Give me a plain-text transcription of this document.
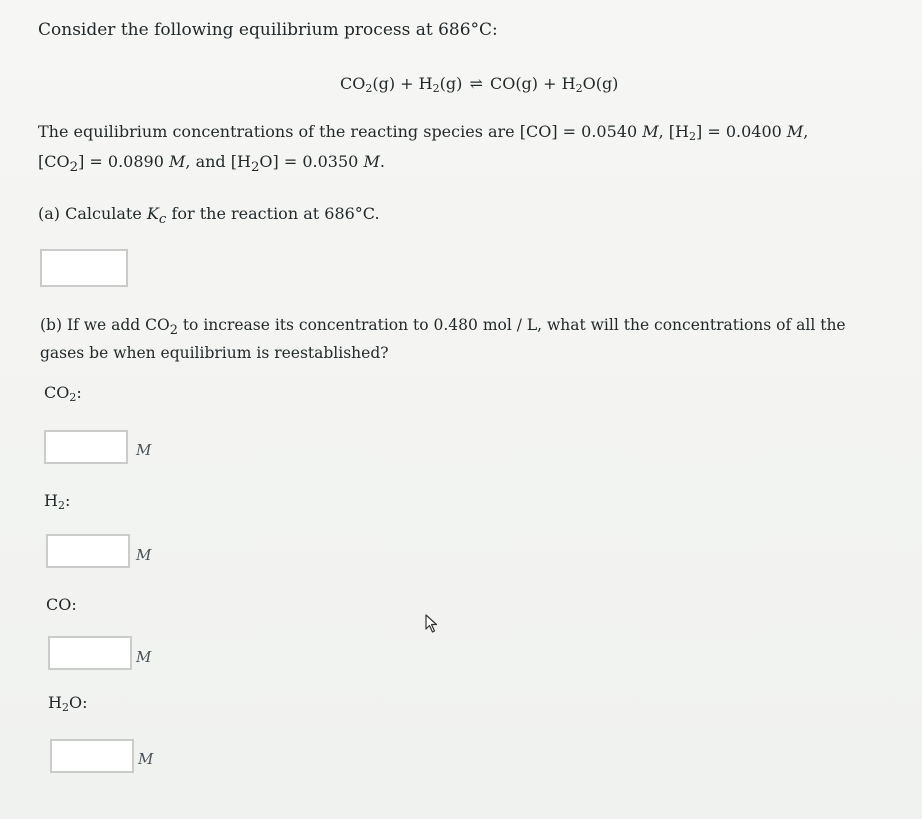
Consider the following equilibrium process at 686°C:
$CO_2(g) + H_2(g)$ ⇌ $CO(g) + H_2O(g)$
The equilibrium concentrations of the reacting species are [CO] = 0.0540 M, $[H_2] = 0.0400$ M,
$[CO_2] = 0.0890$ M, and $[H_2O] = 0.0350$ M.
(a) Calculate $K_c$ for the reaction at 686°C.
(b) If we add $CO_2$ to increase its concentration to 0.480 mol / L, what will the concentrations of all the
gases be when equilibrium is reestablished?
$CO_2$:
M
$H_2$:
M
CO:
M
$H_2O$:
M
